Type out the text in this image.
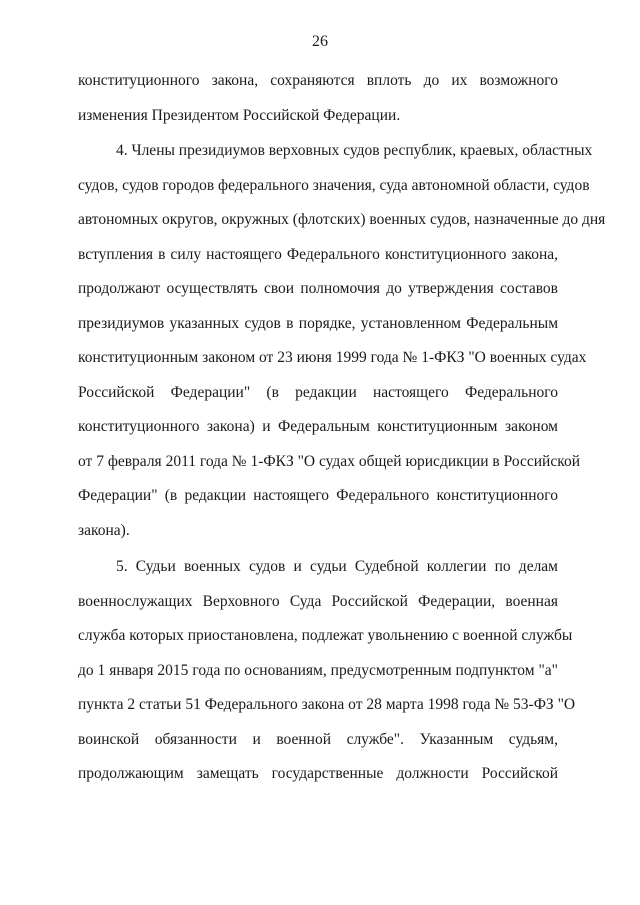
26
конституционного закона, сохраняются вплоть до их возможного
изменения Президентом Российской Федерации.
4. Члены президиумов верховных судов республик, краевых, областных
судов, судов городов федерального значения, суда автономной области, судов
автономных округов, окружных (флотских) военных судов, назначенные до дня
вступления в силу настоящего Федерального конституционного закона,
продолжают осуществлять свои полномочия до утверждения составов
президиумов указанных судов в порядке, установленном Федеральным
конституционным законом от 23 июня 1999 года № 1-ФКЗ "О военных судах
Российской Федерации" (в редакции настоящего Федерального
конституционного закона) и Федеральным конституционным законом
от 7 февраля 2011 года № 1-ФКЗ "О судах общей юрисдикции в Российской
Федерации" (в редакции настоящего Федерального конституционного
закона).
5. Судьи военных судов и судьи Судебной коллегии по делам
военнослужащих Верховного Суда Российской Федерации, военная
служба которых приостановлена, подлежат увольнению с военной службы
до 1 января 2015 года по основаниям, предусмотренным подпунктом "а"
пункта 2 статьи 51 Федерального закона от 28 марта 1998 года № 53-ФЗ "О
воинской обязанности и военной службе". Указанным судьям,
продолжающим замещать государственные должности Российской
